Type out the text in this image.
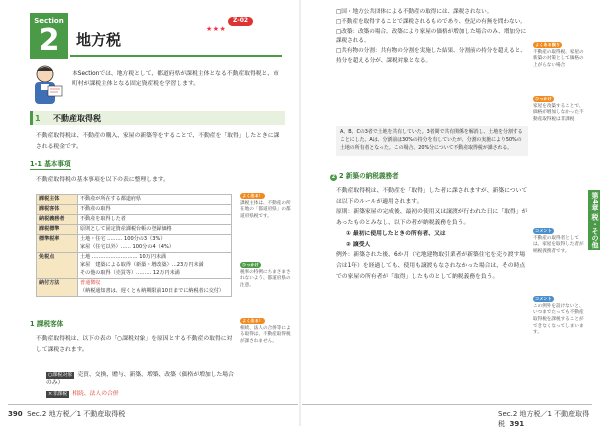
Section
2	地方税
Z-02
★★★
本Sectionでは、地方税として、都道府県が課税主体となる不動産取得税と、市町村が課税主体となる固定資産税を学習します。
1 不動産取得税
不動産取得税は、不動産の購入、家屋の新築等をすることで、不動産を「取得」したときに課される税金です。
1-1 基本事項
不動産取得税の基本事項を以下の表に整理します。
課税主体	不動産が所在する都道府県
課税客体	不動産の取得
納税義務者	不動産を取得した者
課税標準	原則として固定資産課税台帳の登録価格
標準税率	土地・住宅 ……… 100分の3（3%）
家屋（住宅以外）…… 100分の4（4%）

免税点	土地 ……………………… 10万円未満
家屋　建築による取得（新築・増改築）…23万円未満
その他の取得（売買等）……… 12万円未満

納付方法	普通徴収
（納税通知書は、遅くとも納期限前10日までに納税者に交付）
よく出る！
課税主体は、不動産の所在地の「都道府県」の都道府県税です。
ひっかけ
税率の特例にちまさまされないよう、都道府県の注意。
よく出る！
相続、法人の合併等による取得は、不動産取得税が課されません。
1 課税客体
不動産取得税は、以下の表の「○課税対象」を原因とする不動産の取得に対して課税されます。
○課税対象 売買、交換、贈与、新築、増築、改築（価格が増加した場合のみ）
×非課税 相続、法人の合併
390 Sec.2 地方税／1 不動産取得税
□国・地方公共団体による不動産の取得には、課税されない。
□不動産を取得することで課税されるものであり、登記の有無を問わない。
□改築：改築の場合、改築により家屋の価格が増加した場合のみ、増加分に課税される。
□共有物の分割：共有物の分割を実施した結果、分割前の持分を超えると、持分を超える分が、課税対象となる。
よくある誤り
不動産の取得税、家屋の新築の対策として価格の上がらない場合
ひっかけ
家屋を改築することで、価格が増加しなかった不動産取得税は非課税
A、B、Cの3者で土地を共有していた。3者間で共有関係を解消し、土地を分割することにした。Aは、分割前は30%の持分を有していたが、分割の実施により50%の土地の所有者となった。この場合、20%分について不動産取得税が課される。
2 2 新築の納税義務者
不動産取得税は、不動産を「取得」した者に課されますが、新築については以下のルールが適用されます。
原則：新築家屋の完成後、最初の使用又は譲渡が行われた日に「取得」があったものとみなし、以下の者が納税義務を負う。
① 最初に使用したときの所有者、又は
② 譲受人
例外：新築された後、6か月（宅地建物取引業者が新築住宅を売り渡す場合は1年）を経過しても、使用も譲渡もなされなかった場合は、その時点での家屋の所有者が「取得」したものとして納税義務を負う。
コメント
不動産の取得者としては、家屋を取得した者が納税義務者です。
コメント
この例外を設けないと、いつまでたっても不動産取得税を課税することができなくなってしまいます。
第4章 税・その他
Sec.2 地方税／1 不動産取得税 391
